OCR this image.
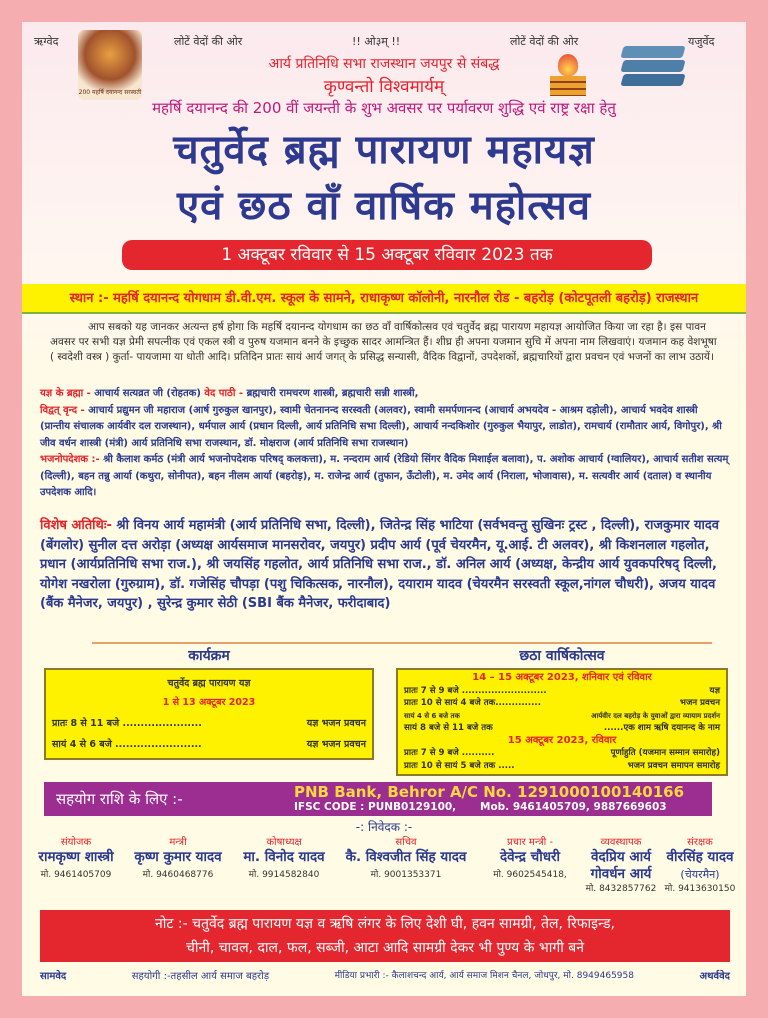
ऋग्वेद
200 महर्षि दयानन्द सरस्वती
लोटें वेदों की ओर	!! ओ३म् !!	लोटें वेदों की ओर	यजुर्वेद
आर्य प्रतिनिधि सभा राजस्थान जयपुर से संबद्ध
कृण्वन्तो विश्वमार्यम्
महर्षि दयानन्द की 200 वीं जयन्ती के शुभ अवसर पर पर्यावरण शुद्धि एवं राष्ट्र रक्षा हेतु
चतुर्वेद ब्रह्म पारायण महायज्ञ
एवं छठ वाँ वार्षिक महोत्सव
1 अक्टूबर रविवार से 15 अक्टूबर रविवार 2023 तक
स्थान :- महर्षि दयानन्द योगधाम डी.वी.एम. स्कूल के सामने, राधाकृष्ण कॉलोनी, नारनौल रोड - बहरोड़ (कोटपूतली बहरोड़) राजस्थान
आप सबको यह जानकर अत्यन्त हर्ष होगा कि महर्षि दयानन्द योगधाम का छठ वाँ वार्षिकोत्सव एवं चतुर्वेद ब्रह्म पारायण महायज्ञ आयोजित किया जा रहा है। इस पावन अवसर पर सभी यज्ञ प्रेमी सपत्नीक एवं एकल स्त्री व पुरुष यजमान बनने के इच्छुक सादर आमन्त्रित हैं। शीघ्र ही अपना यजमान सुचि में अपना नाम लिखवाएं। यजमान कह वेशभूषा ( स्वदेशी वस्त्र ) कुर्ता- पायजामा या धोती आदि। प्रतिदिन प्रातः सायं आर्य जगत् के प्रसिद्ध सन्यासी, वैदिक विद्वानों, उपदेशकों, ब्रह्मचारियों द्वारा प्रवचन एवं भजनों का लाभ उठायें।
यज्ञ के ब्रह्मा - आचार्य सत्यव्रत जी (रोहतक) वेद पाठी - ब्रह्मचारी रामचरण शास्त्री, ब्रह्मचारी सन्नी शास्त्री,
विद्वत् वृन्द - आचार्य प्रद्युमन जी महाराज (आर्ष गुरुकुल खानपुर), स्वामी चेतनानन्द सरस्वती (अलवर), स्वामी समर्पणानन्द (आचार्य अभयदेव - आश्रम दड़ोली), आचार्य भवदेव शास्त्री (प्रान्तीय संचालक आर्यवीर दल राजस्थान), धर्मपाल आर्य (प्रधान दिल्ली, आर्य प्रतिनिधि सभा दिल्ली), आचार्य नन्दकिशोर (गुरुकुल भैयापुर, लाडोत), रामचार्य (रामौतार आर्य, विगोपुर), श्री जीव वर्धन शास्त्री (मंत्री) आर्य प्रतिनिधि सभा राजस्थान, डॉ. मोक्षराज (आर्य प्रतिनिधि सभा राजस्थान)
भजनोपदेशक :- श्री कैलाश कर्मठ (मंत्री आर्य भजनोपदेशक परिषद् कलकत्ता), म. नन्दराम आर्य (रेडियो सिंगर वैदिक मिशाईल बलावा), प. अशोक आचार्य (ग्वालियर), आचार्य सतीश सत्यम् (दिल्ली), बहन तन्नु आर्या (कथुरा, सोनीपत), बहन नीलम आर्या (बहरोड़), म. राजेन्द्र आर्य (तुफान, ऊँटोली), म. उमेद आर्य (निराला, भोजावास), म. सत्यवीर आर्य (दताल) व स्थानीय उपदेशक आदि।
विशेष अतिथिः- श्री विनय आर्य महामंत्री (आर्य प्रतिनिधि सभा, दिल्ली), जितेन्द्र सिंह भाटिया (सर्वभवन्तु सुखिनः ट्रस्ट , दिल्ली), राजकुमार यादव (बेंगलोर) सुनील दत्त अरोड़ा (अध्यक्ष आर्यसमाज मानसरोवर, जयपुर) प्रदीप आर्य (पूर्व चेयरमैन, यू.आई. टी अलवर), श्री किशनलाल गहलोत, प्रधान (आर्यप्रतिनिधि सभा राज.), श्री जयसिंह गहलोत, आर्य प्रतिनिधि सभा राज., डॉ. अनिल आर्य (अध्यक्ष, केन्द्रीय आर्य युवकपरिषद् दिल्ली, योगेश नखरोला (गुरुग्राम), डॉ. गजेसिंह चौपड़ा (पशु चिकित्सक, नारनौल), दयाराम यादव (चेयरमैन सरस्वती स्कूल,नांगल चौधरी), अजय यादव (बैंक मैनेजर, जयपुर) , सुरेन्द्र कुमार सेठी (SBI बैंक मैनेजर, फरीदाबाद)
कार्यक्रम
चतुर्वेद ब्रह्म पारायण यज्ञ
1 से 13 अक्टूबर 2023
प्रातः 8 से 11 बजे ......................	यज्ञ भजन प्रवचन
सायं 4 से 6 बजे ........................	यज्ञ भजन प्रवचन
छठा वार्षिकोत्सव
14 – 15 अक्टूबर 2023, शनिवार एवं रविवार
प्रातः 7 से 9 बजे ..........................	यज्ञ
प्रातः 10 से सायं 4 बजे तक..............	भजन प्रवचन
सायं 4 से 6 बजे तक	आर्यवीर दल बहरोड़ के युवाओं द्वारा व्यायाम प्रदर्शन
सायं 8 बजे से 11 बजे तक	......एक शाम ऋषि दयानन्द के नाम
15 अक्टूबर 2023, रविवार
प्रातः 7 से 9 बजे ..........	पूर्णाहुति (यजमान सम्मान समारोह)
प्रातः 10 से सायं 5 बजे तक .....	भजन प्रवचन समापन समारोह
सहयोग राशि के लिए :-	PNB Bank, Behror A/C No. 1291000100140166
IFSC CODE : PUNB0129100, Mob. 9461405709, 9887669603
-: निवेदक :-
संयोजक
रामकृष्ण शास्त्री
मो. 9461405709
मन्त्री
कृष्ण कुमार यादव
मो. 9460468776
कोषाध्यक्ष
मा. विनोद यादव
मो. 9914582840
सचिव
कै. विश्वजीत सिंह यादव
मो. 9001353371
प्रचार मन्त्री -
देवेन्द्र चौधरी
मो. 9602545418,
व्यवस्थापक
वेदप्रिय आर्य
गोवर्धन आर्य
मो. 8432857762
संरक्षक
वीरसिंह यादव
(चेयरमैन)
मो. 9413630150
नोट :- चतुर्वेद ब्रह्म पारायण यज्ञ व ऋषि लंगर के लिए देशी घी, हवन सामग्री, तेल, रिफाइन्ड,
चीनी, चावल, दाल, फल, सब्जी, आटा आदि सामग्री देकर भी पुण्य के भागी बने
सामवेद	सहयोगी :-तहसील आर्य समाज बहरोड़	मीडिया प्रभारी :- कैलाशचन्द आर्य, आर्य समाज मिशन चैनल, जोधपुर, मो. 8949465958	अथर्ववेद
